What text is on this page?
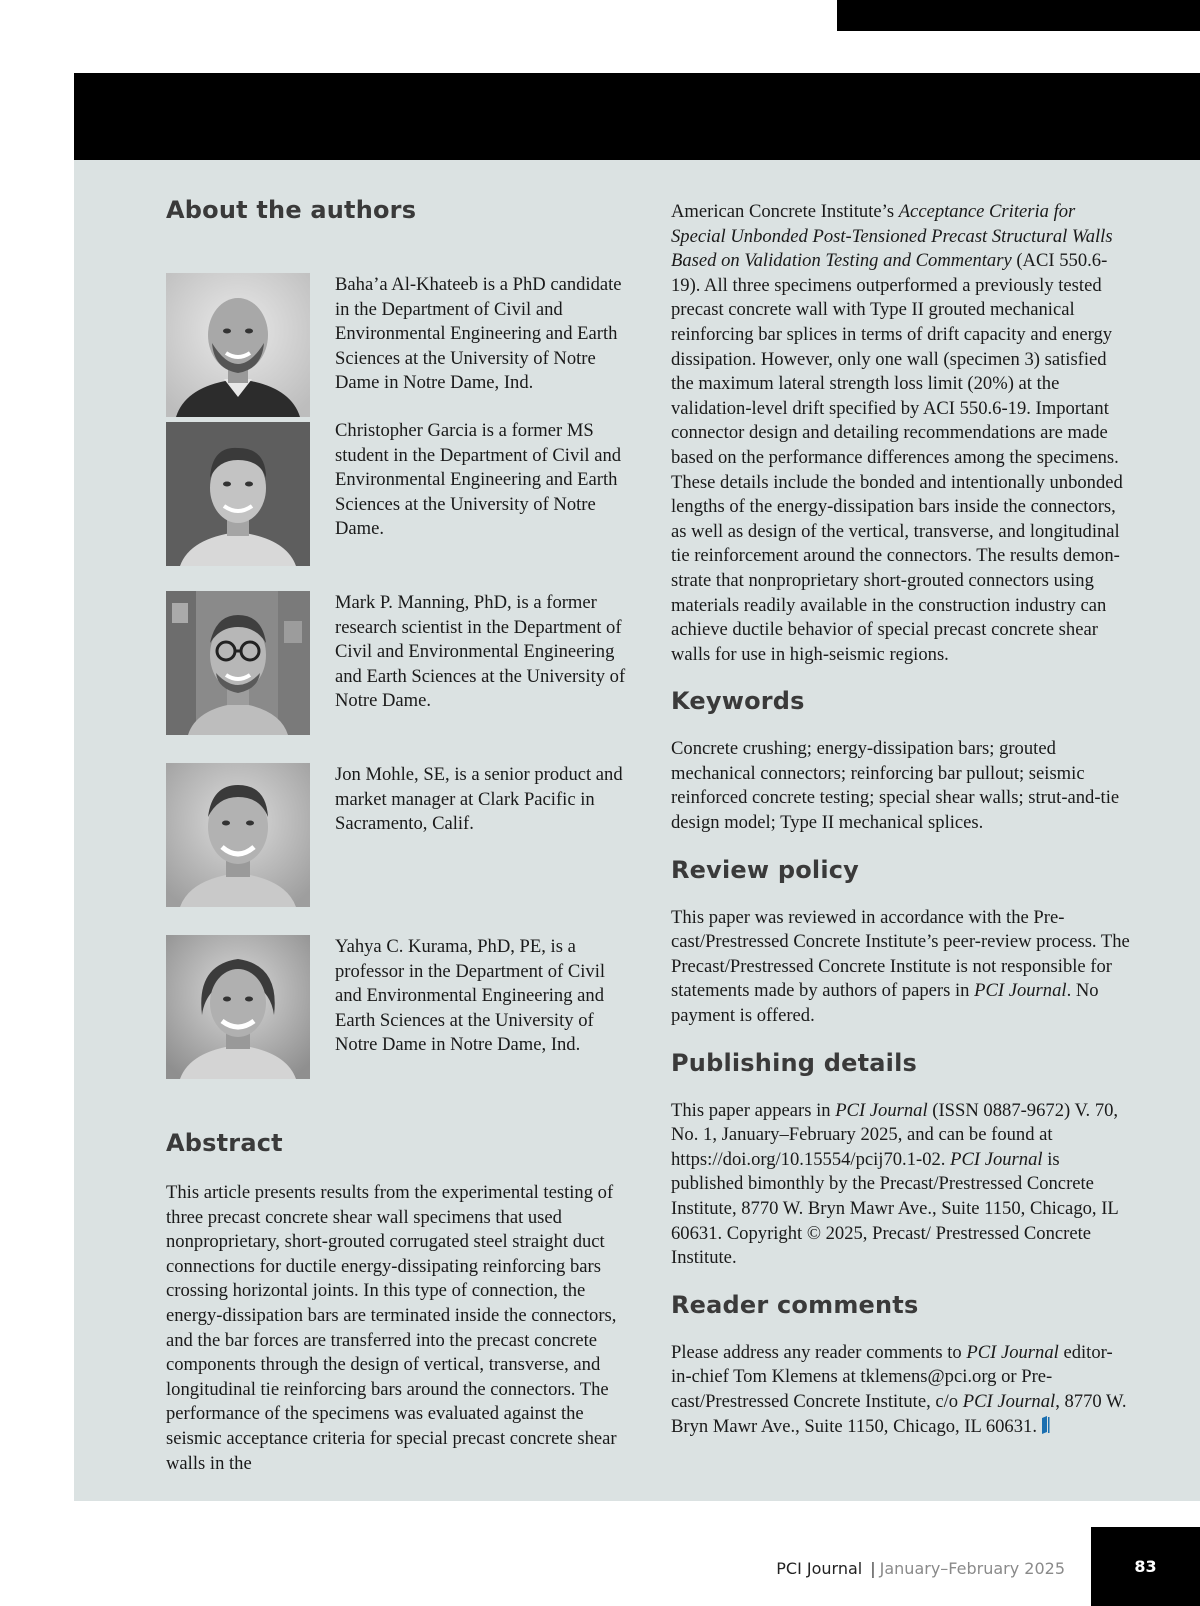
About the authors

Baha’a Al-Khateeb is a PhD candidate in the Department of Civil and Environmental Engineering and Earth Sciences at the University of Notre Dame in Notre Dame, Ind.

Christopher Garcia is a former MS student in the Department of Civil and Environmental Engineering and Earth Sciences at the University of Notre Dame.

Mark P. Manning, PhD, is a former research scientist in the Department of Civil and Environmental Engineering and Earth Sciences at the University of Notre Dame.

Jon Mohle, SE, is a senior product and market manager at Clark Pacific in Sacramento, Calif.

Yahya C. Kurama, PhD, PE, is a professor in the Department of Civil and Environmental Engineering and Earth Sciences at the University of Notre Dame in Notre Dame, Ind.

Abstract

This article presents results from the experimental testing of three precast concrete shear wall specimens that used nonproprietary, short-grouted corrugated steel straight duct connections for ductile energy-dissipating reinforcing bars crossing horizontal joints. In this type of connection, the energy-dissipation bars are terminated inside the connectors, and the bar forces are transferred into the precast concrete components through the design of vertical, transverse, and longitudinal tie reinforcing bars around the connectors. The performance of the specimens was evaluated against the seismic acceptance criteria for special precast concrete shear walls in the

American Concrete Institute’s Acceptance Criteria for Special Unbonded Post-Tensioned Precast Structural Walls Based on Validation Testing and Commentary (ACI 550.6-19). All three specimens outperformed a previously tested precast concrete wall with Type II grouted mechanical reinforcing bar splices in terms of drift capacity and energy dissipation. However, only one wall (specimen 3) satisfied the maximum lateral strength loss limit (20%) at the validation-level drift specified by ACI 550.6-19. Important connector design and detailing recommendations are made based on the performance differences among the specimens. These details include the bonded and intentionally unbonded lengths of the energy-dissipation bars inside the connectors, as well as design of the vertical, transverse, and longitudinal tie reinforcement around the connectors. The results demonstrate that nonproprietary short-grouted connectors using materials readily available in the construction industry can achieve ductile behavior of special precast concrete shear walls for use in high-seismic regions.

Keywords

Concrete crushing; energy-dissipation bars; grouted mechanical connectors; reinforcing bar pullout; seismic reinforced concrete testing; special shear walls; strut-and-tie design model; Type II mechanical splices.

Review policy

This paper was reviewed in accordance with the Precast/Prestressed Concrete Institute’s peer-review process. The Precast/Prestressed Concrete Institute is not responsible for statements made by authors of papers in PCI Journal. No payment is offered.

Publishing details

This paper appears in PCI Journal (ISSN 0887-9672) V. 70, No. 1, January–February 2025, and can be found at https://doi.org/10.15554/pcij70.1-02. PCI Journal is published bimonthly by the Precast/Prestressed Concrete Institute, 8770 W. Bryn Mawr Ave., Suite 1150, Chicago, IL 60631. Copyright © 2025, Precast/ Prestressed Concrete Institute.

Reader comments

Please address any reader comments to PCI Journal editor-in-chief Tom Klemens at tklemens@pci.org or Precast/Prestressed Concrete Institute, c/o PCI Journal, 8770 W. Bryn Mawr Ave., Suite 1150, Chicago, IL 60631.

PCI Journal | January–February 2025	83
